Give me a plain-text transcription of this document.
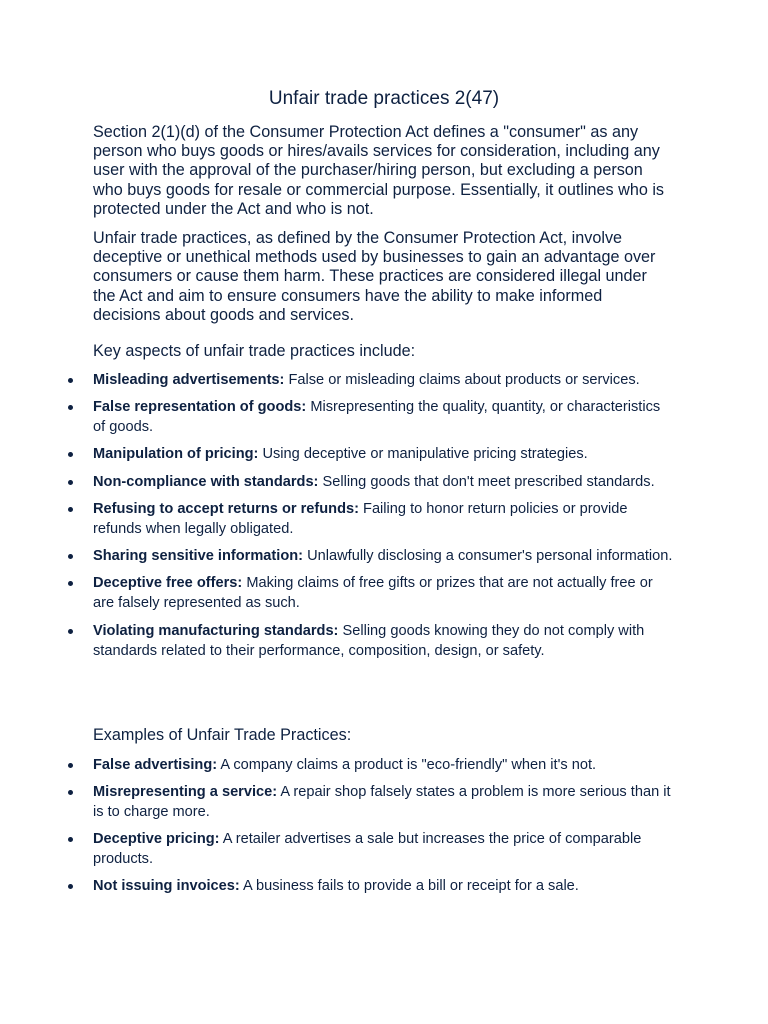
Unfair trade practices 2(47)

Section 2(1)(d) of the Consumer Protection Act defines a "consumer" as any person who buys goods or hires/avails services for consideration, including any user with the approval of the purchaser/hiring person, but excluding a person who buys goods for resale or commercial purpose. Essentially, it outlines who is protected under the Act and who is not.

Unfair trade practices, as defined by the Consumer Protection Act, involve deceptive or unethical methods used by businesses to gain an advantage over consumers or cause them harm. These practices are considered illegal under the Act and aim to ensure consumers have the ability to make informed decisions about goods and services.

Key aspects of unfair trade practices include:
Misleading advertisements: False or misleading claims about products or services.
False representation of goods: Misrepresenting the quality, quantity, or characteristics of goods.
Manipulation of pricing: Using deceptive or manipulative pricing strategies.
Non-compliance with standards: Selling goods that don't meet prescribed standards.
Refusing to accept returns or refunds: Failing to honor return policies or provide refunds when legally obligated.
Sharing sensitive information: Unlawfully disclosing a consumer's personal information.
Deceptive free offers: Making claims of free gifts or prizes that are not actually free or are falsely represented as such.
Violating manufacturing standards: Selling goods knowing they do not comply with standards related to their performance, composition, design, or safety.
Examples of Unfair Trade Practices:
False advertising: A company claims a product is "eco-friendly" when it's not.
Misrepresenting a service: A repair shop falsely states a problem is more serious than it is to charge more.
Deceptive pricing: A retailer advertises a sale but increases the price of comparable products.
Not issuing invoices: A business fails to provide a bill or receipt for a sale.
